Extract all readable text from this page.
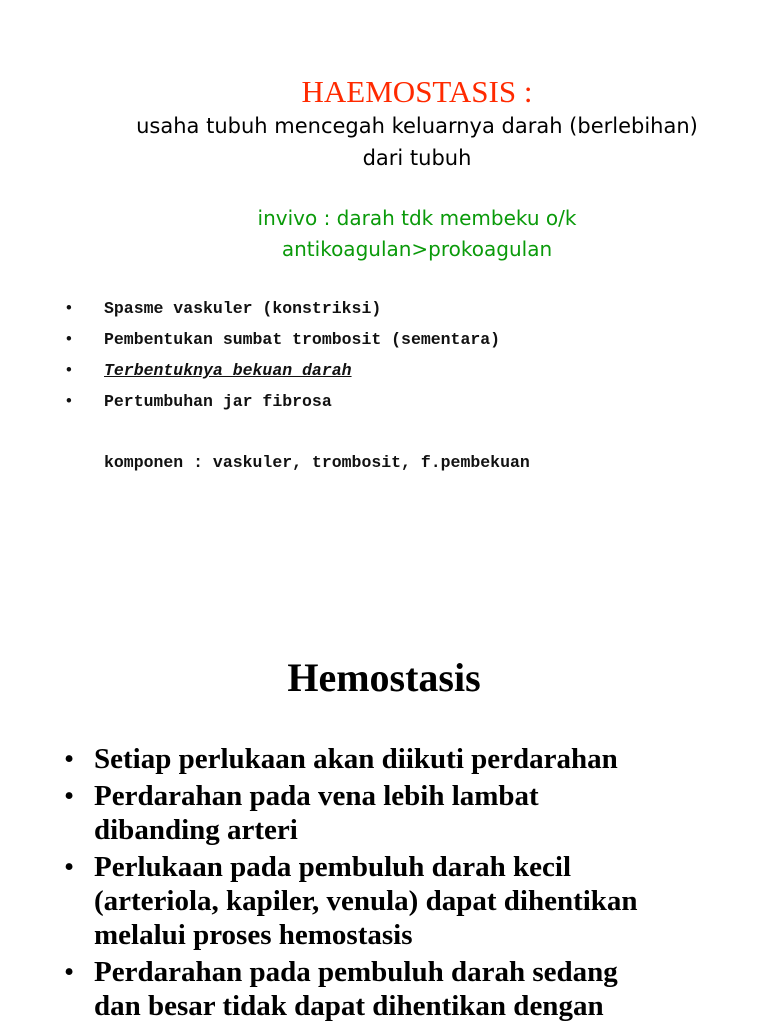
HAEMOSTASIS :
usaha tubuh mencegah keluarnya darah (berlebihan)
dari tubuh
invivo : darah tdk membeku o/k
antikoagulan>prokoagulan
• Spasme vaskuler (konstriksi)
• Pembentukan sumbat trombosit (sementara)
• Terbentuknya bekuan darah
• Pertumbuhan jar fibrosa
komponen : vaskuler, trombosit, f.pembekuan
Hemostasis
• Setiap perlukaan akan diikuti perdarahan
• Perdarahan pada vena lebih lambat
dibanding arteri
• Perlukaan pada pembuluh darah kecil
(arteriola, kapiler, venula) dapat dihentikan
melalui proses hemostasis
• Perdarahan pada pembuluh darah sedang
dan besar tidak dapat dihentikan dengan
